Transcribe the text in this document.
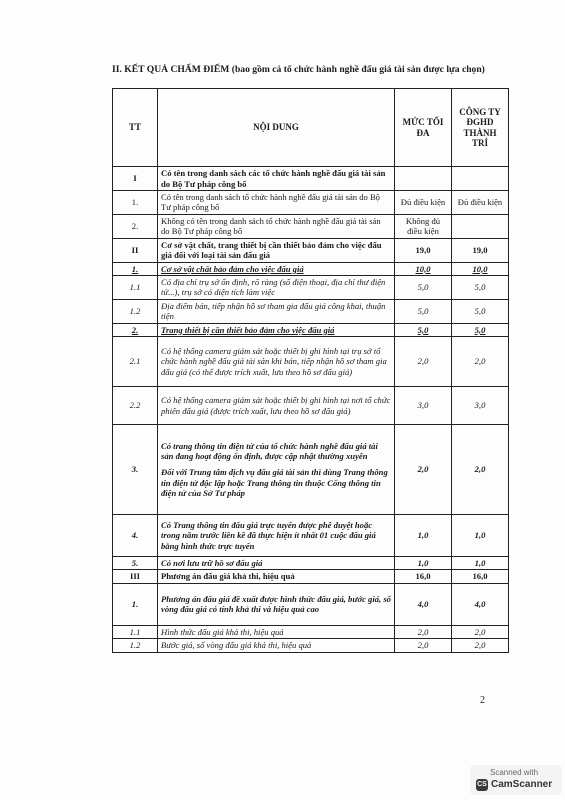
II. KẾT QUẢ CHẤM ĐIỂM (bao gồm cả tổ chức hành nghề đấu giá tài sản được lựa chọn)
TT	NỘI DUNG	MỨC TỐI ĐA	CÔNG TY ĐGHD THÀNH TRÍ
I	Có tên trong danh sách các tổ chức hành nghề đấu giá tài sản do Bộ Tư pháp công bố		
1.	Có tên trong danh sách tổ chức hành nghề đấu giá tài sản do Bộ Tư pháp công bố	Đủ điều kiện	Đủ điều kiện
2.	Không có tên trong danh sách tổ chức hành nghề đấu giá tài sản do Bộ Tư pháp công bố	Không đủ điều kiện	
II	Cơ sở vật chất, trang thiết bị cần thiết bảo đảm cho việc đấu giá đối với loại tài sản đấu giá	19,0	19,0
1.	Cơ sở vật chất bảo đảm cho việc đấu giá	10,0	10,0
1.1	Có địa chỉ trụ sở ổn định, rõ ràng (số điện thoại, địa chỉ thư điện tử...), trụ sở có diện tích làm việc	5,0	5,0
1.2	Địa điểm bán, tiếp nhận hồ sơ tham gia đấu giá công khai, thuận tiện	5,0	5,0
2.	Trang thiết bị cần thiết bảo đảm cho việc đấu giá	5,0	5,0
2.1	Có hệ thống camera giám sát hoặc thiết bị ghi hình tại trụ sở tổ chức hành nghề đấu giá tài sản khi bán, tiếp nhận hồ sơ tham gia đấu giá (có thể được trích xuất, lưu theo hồ sơ đấu giá)	2,0	2,0
2.2	Có hệ thống camera giám sát hoặc thiết bị ghi hình tại nơi tổ chức phiên đấu giá (được trích xuất, lưu theo hồ sơ đấu giá)	3,0	3,0
3.	Có trang thông tin điện tử của tổ chức hành nghề đấu giá tài sản đang hoạt động ổn định, được cập nhật thường xuyên
Đối với Trung tâm dịch vụ đấu giá tài sản thì dùng Trang thông tin điện tử độc lập hoặc Trang thông tin thuộc Cổng thông tin điện tử của Sở Tư pháp	2,0	2,0
4.	Có Trang thông tin đấu giá trực tuyến được phê duyệt hoặc trong năm trước liền kề đã thực hiện ít nhất 01 cuộc đấu giá bằng hình thức trực tuyến	1,0	1,0
5.	Có nơi lưu trữ hồ sơ đấu giá	1,0	1,0
III	Phương án đấu giá khả thi, hiệu quả	16,0	16,0
1.	Phương án đấu giá đề xuất được hình thức đấu giá, bước giá, số vòng đấu giá có tính khả thi và hiệu quả cao	4,0	4,0
1.1	Hình thức đấu giá khả thi, hiệu quả	2,0	2,0
1.2	Bước giá, số vòng đấu giá khả thi, hiệu quả	2,0	2,0
2
Scanned with
CS CamScanner
